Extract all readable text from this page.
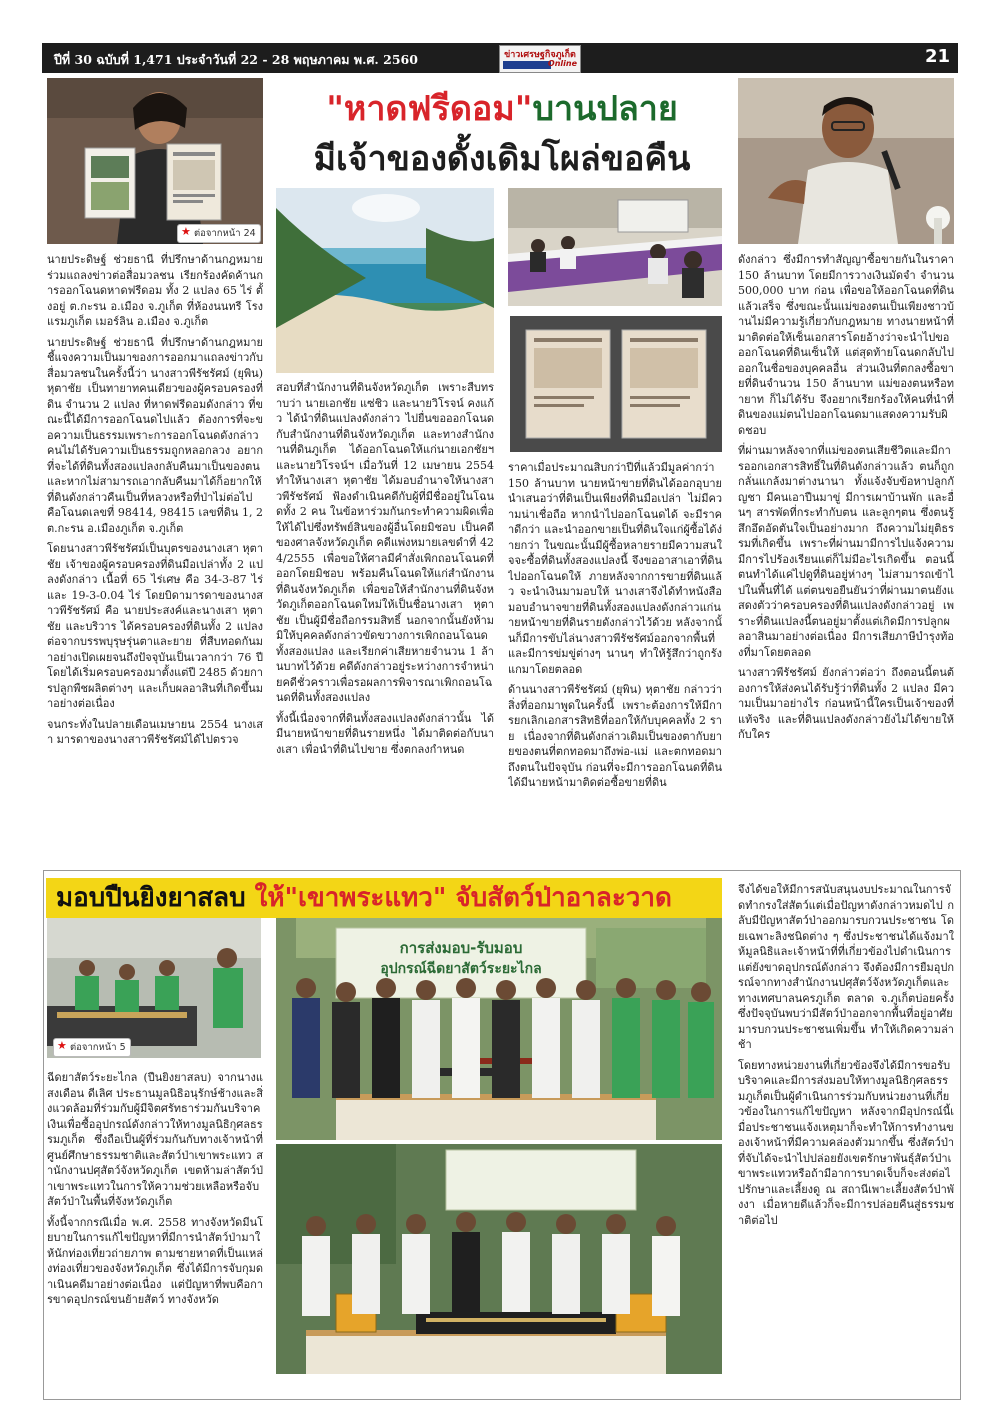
ปีที่ 30 ฉบับที่ 1,471 ประจำวันที่ 22 - 28 พฤษภาคม พ.ศ. 2560	ข่าวเศรษฐกิจภูเก็ต
Online	21
★ ต่อจากหน้า 24
"หาดฟรีดอม"บานปลาย
มีเจ้าของดั้งเดิมโผล่ขอคืน

นายประดิษฐ์ ช่วยธานี ที่ปรึกษาด้านกฎหมาย ร่วมแถลงข่าวต่อสื่อมวลชน เรียกร้องคัดค้านการออกโฉนดหาดฟรีดอม ทั้ง 2 แปลง 65 ไร่ ตั้งอยู่ ต.กะรน อ.เมือง จ.ภูเก็ต ที่ห้องนนทรี โรงแรมภูเก็ต เมอร์ลิน อ.เมือง จ.ภูเก็ต

นายประดิษฐ์ ช่วยธานี ที่ปรึกษาด้านกฎหมาย ชี้แจงความเป็นมาของการออกมาแถลงข่าวกับสื่อมวลชนในครั้งนี้ว่า นางสาวพีรัชรัศม์ (ยุพิน) หุตาชัย เป็นทายาทคนเดียวของผู้ครอบครองที่ดิน จำนวน 2 แปลง ที่หาดฟรีดอมดังกล่าว ที่ขณะนี้ได้มีการออกโฉนดไปแล้ว ต้องการที่จะขอความเป็นธรรมเพราะการออกโฉนดดังกล่าวคนไม่ได้รับความเป็นธรรมถูกหลอกลวง อยากที่จะได้ที่ดินทั้งสองแปลงกลับคืนมาเป็นของตนและหากไม่สามารถเอากลับคืนมาได้ก็อยากให้ที่ดินดังกล่าวคืนเป็นที่หลวงหรือที่ป่าไม่ต่อไป คือโฉนดเลขที่ 98414, 98415 เลขที่ดิน 1, 2 ต.กะรน อ.เมืองภูเก็ต จ.ภูเก็ต

โดยนางสาวพีรัชรัศม์เป็นบุตรของนางเสา หุตาชัย เจ้าของผู้ครอบครองที่ดินมือเปล่าทั้ง 2 แปลงดังกล่าว เนื้อที่ 65 ไร่เศษ คือ 34-3-87 ไร่ และ 19-3-0.04 ไร่ โดยบิดามารดาของนางสาวพีรัชรัศม์ คือ นายประสงค์และนางเสา หุตาชัย และบริวาร ได้ครอบครองที่ดินทั้ง 2 แปลงต่อจากบรรพบุรุษรุ่นตาและยาย ที่สืบทอดกันมาอย่างเปิดเผยจนถึงปัจจุบันเป็นเวลากว่า 76 ปี โดยได้เริ่มครอบครองมาตั้งแต่ปี 2485 ด้วยการปลูกพืชผลิตต่างๆ และเก็บผลอาสินที่เกิดขึ้นมาอย่างต่อเนื่อง

จนกระทั่งในปลายเดือนเมษายน 2554 นางเสา มารดาของนางสาวพีรัชรัศม์ได้ไปตรวจ

สอบที่สำนักงานที่ดินจังหวัดภูเก็ต เพราะสืบทราบว่า นายเอกชัย แซ่ชิว และนายวิโรจน์ คงแก้ว ได้นำที่ดินแปลงดังกล่าว ไปยื่นขอออกโฉนดกับสำนักงานที่ดินจังหวัดภูเก็ต และทางสำนักงานที่ดินภูเก็ต ได้ออกโฉนดให้แก่นายเอกชัยฯ และนายวิโรจน์ฯ เมื่อวันที่ 12 เมษายน 2554 ทำให้นางเสา หุตาชัย ได้มอบอำนาจให้นางสาวพีรัชรัศม์ ฟ้องดำเนินคดีกับผู้ที่มีชื่ออยู่ในโฉนดทั้ง 2 คน ในข้อหาร่วมกันกระทำความผิดเพื่อให้ได้ไปซึ่งทรัพย์สินของผู้อื่นโดยมิชอบ เป็นคดีของศาลจังหวัดภูเก็ต คดีแพ่งหมายเลขดำที่ 424/2555 เพื่อขอให้ศาลมีคำสั่งเพิกถอนโฉนดที่ออกโดยมิชอบ พร้อมคืนโฉนดให้แก่สำนักงานที่ดินจังหวัดภูเก็ต เพื่อขอให้สำนักงานที่ดินจังหวัดภูเก็ตออกโฉนดใหม่ให้เป็นชื่อนางเสา หุตาชัย เป็นผู้มีชื่อถือกรรมสิทธิ์ นอกจากนั้นยังห้ามมิให้บุคคลดังกล่าวขัดขวางการเพิกถอนโฉนดทั้งสองแปลง และเรียกค่าเสียหายจำนวน 1 ล้านบาทไว้ด้วย คดีดังกล่าวอยู่ระหว่างการจำหน่ายคดีชั่วคราวเพื่อรอผลการพิจารณาเพิกถอนโฉนดที่ดินทั้งสองแปลง

ทั้งนี้เนื่องจากที่ดินทั้งสองแปลงดังกล่าวนั้น ได้มีนายหน้าขายที่ดินรายหนึ่ง ได้มาติดต่อกับนางเสา เพื่อนำที่ดินไปขาย ซึ่งตกลงกำหนด

ราคาเมื่อประมาณสิบกว่าปีที่แล้วมีมูลค่ากว่า 150 ล้านบาท นายหน้าขายที่ดินได้ออกอุบายนำเสนอว่าที่ดินเป็นเพียงที่ดินมือเปล่า ไม่มีความน่าเชื่อถือ หากนำไปออกโฉนดได้ จะมีราคาดีกว่า และนำออกขายเป็นที่ดินใจแก่ผู้ซื้อได้ง่ายกว่า ในขณะนั้นมีผู้ซื้อหลายรายมีความสนใจจะซื้อที่ดินทั้งสองแปลงนี้ จึงขออาสาเอาที่ดินไปออกโฉนดให้ ภายหลังจากการขายที่ดินแล้ว จะนำเงินมามอบให้ นางเสาจึงได้ทำหนังสือมอบอำนาจขายที่ดินทั้งสองแปลงดังกล่าวแก่นายหน้าขายที่ดินรายดังกล่าวไว้ด้วย หลังจากนั้นก็มีการขับไล่นางสาวพีรัชรัศม์ออกจากพื้นที่ และมีการข่มขู่ต่างๆ นานๆ ทำให้รู้สึกว่าถูกรังแกมาโดยตลอด

ด้านนางสาวพีรัชรัศม์ (ยุพิน) หุตาชัย กล่าวว่า สิ่งที่ออกมาพูดในครั้งนี้ เพราะต้องการให้มีการยกเลิกเอกสารสิทธิที่ออกให้กับบุคคลทั้ง 2 ราย เนื่องจากที่ดินดังกล่าวเดิมเป็นของตากับยายของตนที่ตกทอดมาถึงพ่อ-แม่ และตกทอดมาถึงตนในปัจจุบัน ก่อนที่จะมีการออกโฉนดที่ดิน ได้มีนายหน้ามาติดต่อซื้อขายที่ดิน

ดังกล่าว ซึ่งมีการทำสัญญาซื้อขายกันในราคา 150 ล้านบาท โดยมีการวางเงินมัดจำ จำนวน 500,000 บาท ก่อน เพื่อขอให้ออกโฉนดที่ดินแล้วเสร็จ ซึ่งขณะนั้นแม่ของตนเป็นเพียงชาวบ้านไม่มีความรู้เกี่ยวกับกฎหมาย ทางนายหน้าที่มาติดต่อให้เซ็นเอกสารโดยอ้างว่าจะนำไปขอออกโฉนดที่ดินเซ็นให้ แต่สุดท้ายโฉนดกลับไปออกในชื่อของบุคคลอื่น ส่วนเงินที่ตกลงซื้อขายที่ดินจำนวน 150 ล้านบาท แม่ของตนหรือทายาท ก็ไม่ได้รับ จึงอยากเรียกร้องให้คนที่นำที่ดินของแม่ตนไปออกโฉนดมาแสดงความรับผิดชอบ

ที่ผ่านมาหลังจากที่แม่ของตนเสียชีวิตและมีการออกเอกสารสิทธิ์ในที่ดินดังกล่าวแล้ว ตนก็ถูกกลั่นแกล้งมาต่างนานา ทั้งแจ้งจับข้อหาปลูกกัญชา มีคนเอาปืนมาขู่ มีการเผาบ้านพัก และอื่นๆ สารพัดที่กระทำกับตน และลูกๆตน ซึ่งตนรู้สึกอึดอัดตันใจเป็นอย่างมาก ถึงความไม่ยุติธรรมที่เกิดขึ้น เพราะที่ผ่านมามีการไปแจ้งความ มีการไปร้องเรียนแต่ก็ไม่มีอะไรเกิดขึ้น ตอนนี้ตนทำได้แค่ไปดูที่ดินอยู่ห่างๆ ไม่สามารถเข้าไปในพื้นที่ได้ แต่ตนขอยืนยันว่าที่ผ่านมาตนยังแสดงตัวว่าครอบครองที่ดินแปลงดังกล่าวอยู่ เพราะที่ดินแปลงนี้ตนอยู่มาตั้งแต่เกิดมีการปลูกผลอาสินมาอย่างต่อเนื่อง มีการเสียภาษีบำรุงท้องที่มาโดยตลอด

นางสาวพีรัชรัศม์ ยังกล่าวต่อว่า ถึงตอนนี้ตนต้องการให้ส่งคนได้รับรู้ว่าที่ดินทั้ง 2 แปลง มีความเป็นมาอย่างไร ก่อนหน้านี้ใครเป็นเจ้าของที่แท้จริง และที่ดินแปลงดังกล่าวยังไม่ได้ขายให้กับใคร

มอบปืนยิงยาสลบ ให้"เขาพระแทว" จับสัตว์ป่าอาละวาด
★ ต่อจากหน้า 5
การส่งมอบ-รับมอบ
อุปกรณ์ฉีดยาสัตว์ระยะไกล

ฉีดยาสัตว์ระยะไกล (ปืนยิงยาสลบ) จากนางแสงเดือน ดีเลิศ ประธานมูลนิธิอนุรักษ์ช้างและสิ่งแวดล้อมที่ร่วมกับผู้มีจิตศรัทธาร่วมกันบริจาคเงินเพื่อซื้ออุปกรณ์ดังกล่าวให้ทางมูลนิธิกุศลธรรมภูเก็ต ซึ่งถือเป็นผู้ที่ร่วมกันกับทางเจ้าหน้าที่ศูนย์ศึกษาธรรมชาติและสัตว์ป่าเขาพระแทว สำนักงานปศุสัตว์จังหวัดภูเก็ต เขตห้ามล่าสัตว์ป่าเขาพระแทวในการให้ความช่วยเหลือหรือจับสัตว์ป่าในพื้นที่จังหวัดภูเก็ต

ทั้งนี้จากกรณีเมื่อ พ.ศ. 2558 ทางจังหวัดมีนโยบายในการแก้ไขปัญหาที่มีการนำสัตว์ป่ามาให้นักท่องเที่ยวถ่ายภาพ ตามชายหาดที่เป็นแหล่งท่องเที่ยวของจังหวัดภูเก็ต ซึ่งได้มีการจับกุมดำเนินคดีมาอย่างต่อเนื่อง แต่ปัญหาที่พบคือการขาดอุปกรณ์ขนย้ายสัตว์ ทางจังหวัด

จึงได้ขอให้มีการสนับสนุนงบประมาณในการจัดทำกรงใส่สัตว์แต่เมื่อปัญหาดังกล่าวหมดไป กลับมีปัญหาสัตว์ป่าออกมารบกวนประชาชน โดยเฉพาะลิงชนิดต่าง ๆ ซึ่งประชาชนได้แจ้งมาให้มูลนิธิและเจ้าหน้าที่ที่เกี่ยวข้องไปดำเนินการ แต่ยังขาดอุปกรณ์ดังกล่าว จึงต้องมีการยืมอุปกรณ์จากทางสำนักงานปศุสัตว์จังหวัดภูเก็ตและทางเทศบาลนครภูเก็ต ตลาด จ.ภูเก็ตบ่อยครั้ง ซึ่งปัจจุบันพบว่ามีสัตว์ป่าออกจากพื้นที่อยู่อาศัยมารบกวนประชาชนเพิ่มขึ้น ทำให้เกิดความล่าช้า

โดยทางหน่วยงานที่เกี่ยวข้องจึงได้มีการขอรับบริจาคและมีการส่งมอบให้ทางมูลนิธิกุศลธรรมภูเก็ตเป็นผู้ดำเนินการร่วมกับหน่วยงานที่เกี่ยวข้องในการแก้ไขปัญหา หลังจากมีอุปกรณ์นี้เมื่อประชาชนแจ้งเหตุมาก็จะทำให้การทำงานของเจ้าหน้าที่มีความคล่องตัวมากขึ้น ซึ่งสัตว์ป่าที่จับได้จะนำไปปล่อยยังเขตรักษาพันธุ์สัตว์ป่าเขาพระแทวหรือถ้ามีอาการบาดเจ็บก็จะส่งต่อไปรักษาและเลี้ยงดู ณ สถานีเพาะเลี้ยงสัตว์ป่าพังงา เมื่อหายดีแล้วก็จะมีการปล่อยคืนสู่ธรรมชาติต่อไป
